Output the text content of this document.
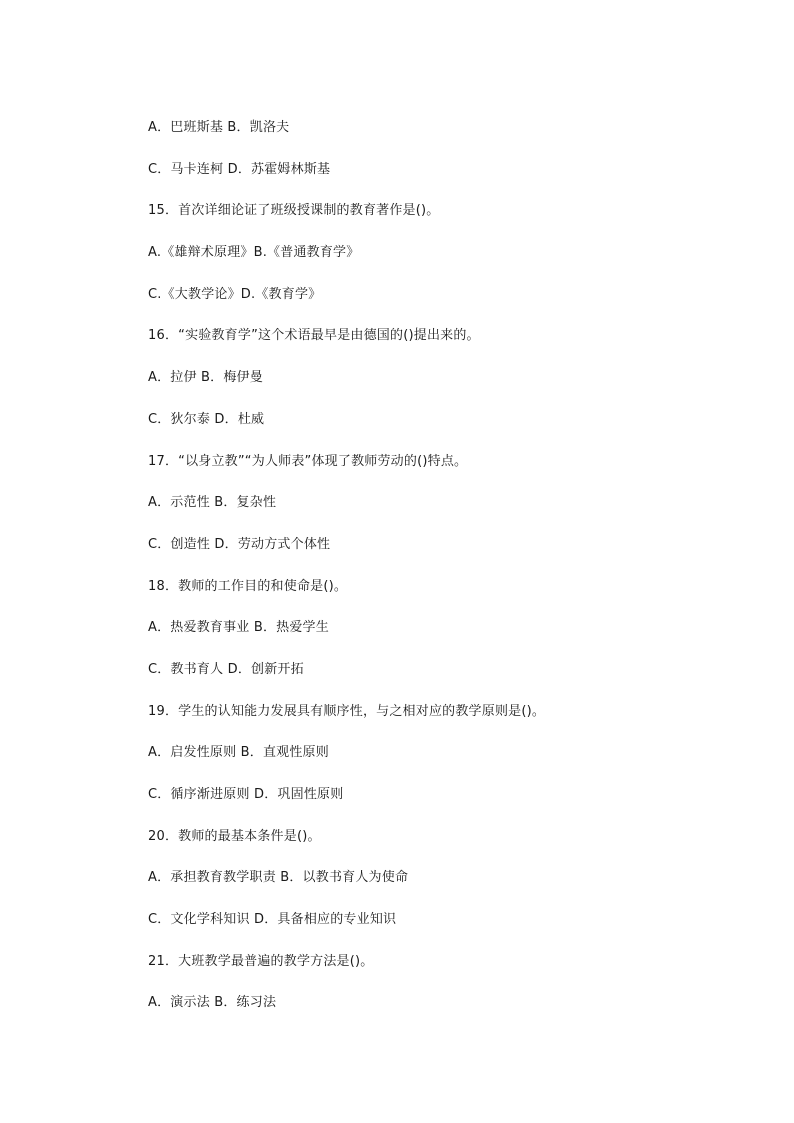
A．巴班斯基 B．凯洛夫
C．马卡连柯 D．苏霍姆林斯基
15．首次详细论证了班级授课制的教育著作是()。
A.《雄辩术原理》B.《普通教育学》
C.《大教学论》D.《教育学》
16．“实验教育学”这个术语最早是由德国的()提出来的。
A．拉伊 B．梅伊曼
C．狄尔泰 D．杜威
17．“以身立教”“为人师表”体现了教师劳动的()特点。
A．示范性 B．复杂性
C．创造性 D．劳动方式个体性
18．教师的工作目的和使命是()。
A．热爱教育事业 B．热爱学生
C．教书育人 D．创新开拓
19．学生的认知能力发展具有顺序性，与之相对应的教学原则是()。
A．启发性原则 B．直观性原则
C．循序渐进原则 D．巩固性原则
20．教师的最基本条件是()。
A．承担教育教学职责 B．以教书育人为使命
C．文化学科知识 D．具备相应的专业知识
21．大班教学最普遍的教学方法是()。
A．演示法 B．练习法
